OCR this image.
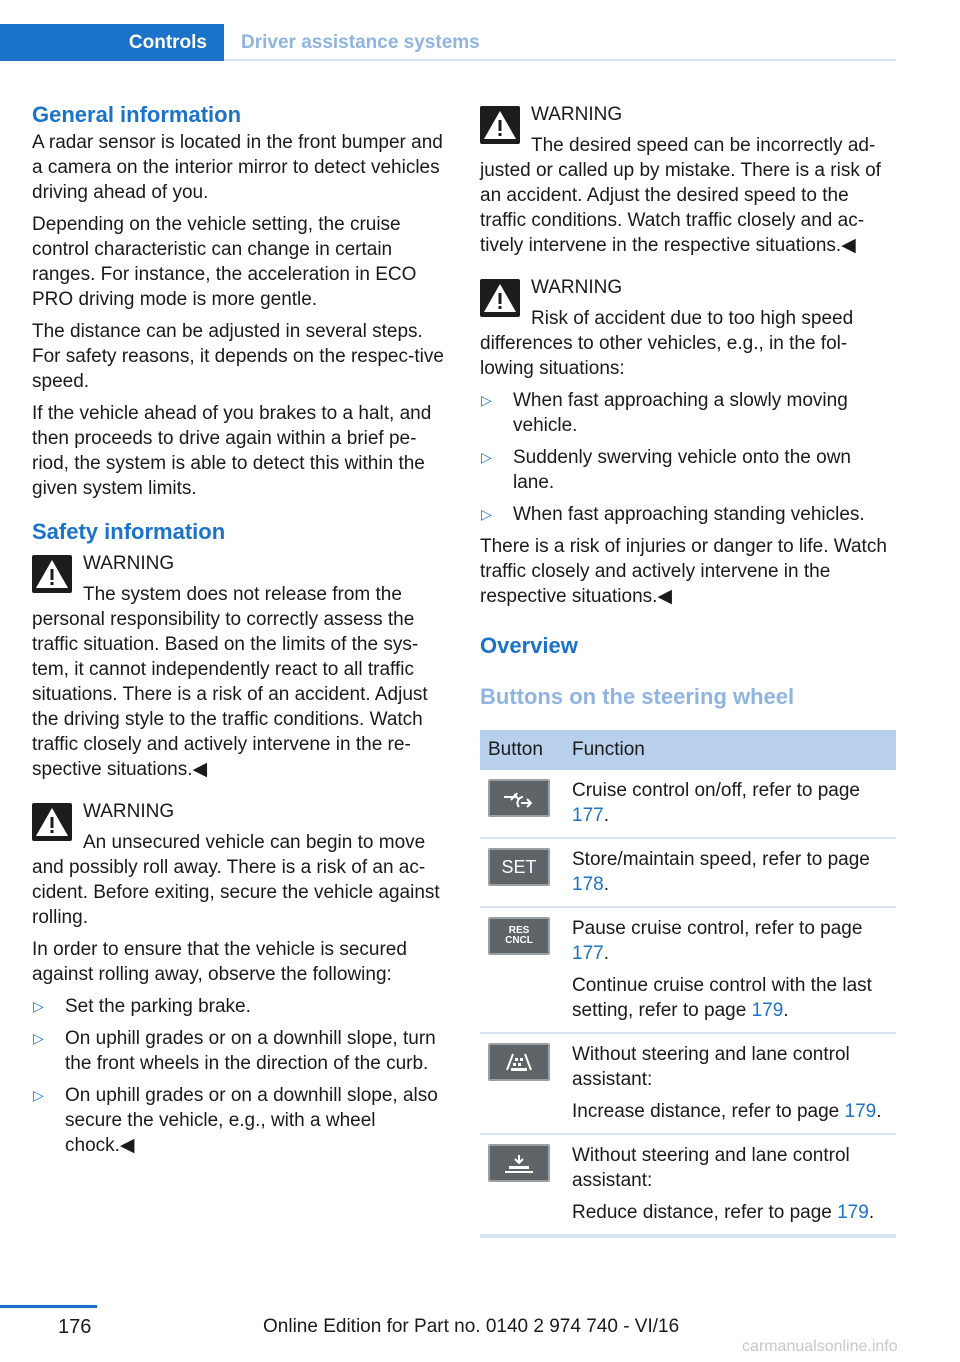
Controls	Driver assistance systems
General information

A radar sensor is located in the front bumper and a camera on the interior mirror to detect vehicles driving ahead of you.

Depending on the vehicle setting, the cruise control characteristic can change in certain ranges. For instance, the acceleration in ECO PRO driving mode is more gentle.

The distance can be adjusted in several steps. For safety reasons, it depends on the respec-tive speed.

If the vehicle ahead of you brakes to a halt, and then proceeds to drive again within a brief pe-riod, the system is able to detect this within the given system limits.

Safety information
WARNING
The system does not release from the
personal responsibility to correctly assess the traffic situation. Based on the limits of the sys-tem, it cannot independently react to all traffic situations. There is a risk of an accident. Adjust the driving style to the traffic conditions. Watch traffic closely and actively intervene in the re-spective situations.◀
WARNING
An unsecured vehicle can begin to move
and possibly roll away. There is a risk of an ac-cident. Before exiting, secure the vehicle against rolling.

In order to ensure that the vehicle is secured against rolling away, observe the following:

▷ Set the parking brake.
▷ On uphill grades or on a downhill slope, turn the front wheels in the direction of the curb.
▷ On uphill grades or on a downhill slope, also secure the vehicle, e.g., with a wheel chock.◀
WARNING
The desired speed can be incorrectly ad-
justed or called up by mistake. There is a risk of an accident. Adjust the desired speed to the traffic conditions. Watch traffic closely and ac-tively intervene in the respective situations.◀
WARNING
Risk of accident due to too high speed
differences to other vehicles, e.g., in the fol-lowing situations:
▷ When fast approaching a slowly moving vehicle.
▷ Suddenly swerving vehicle onto the own lane.
▷ When fast approaching standing vehicles.

There is a risk of injuries or danger to life. Watch traffic closely and actively intervene in the respective situations.◀

Overview
Buttons on the steering wheel
Button	Function

Cruise control on/off, refer to page 177.

SET	Store/maintain speed, refer to page 178.

RES CNCL	Pause cruise control, refer to page 177.

Continue cruise control with the last setting, refer to page 179.

Without steering and lane control assistant:

Increase distance, refer to page 179.

Without steering and lane control assistant:

Reduce distance, refer to page 179.

176	Online Edition for Part no. 0140 2 974 740 - VI/16
carmanualsonline.info
